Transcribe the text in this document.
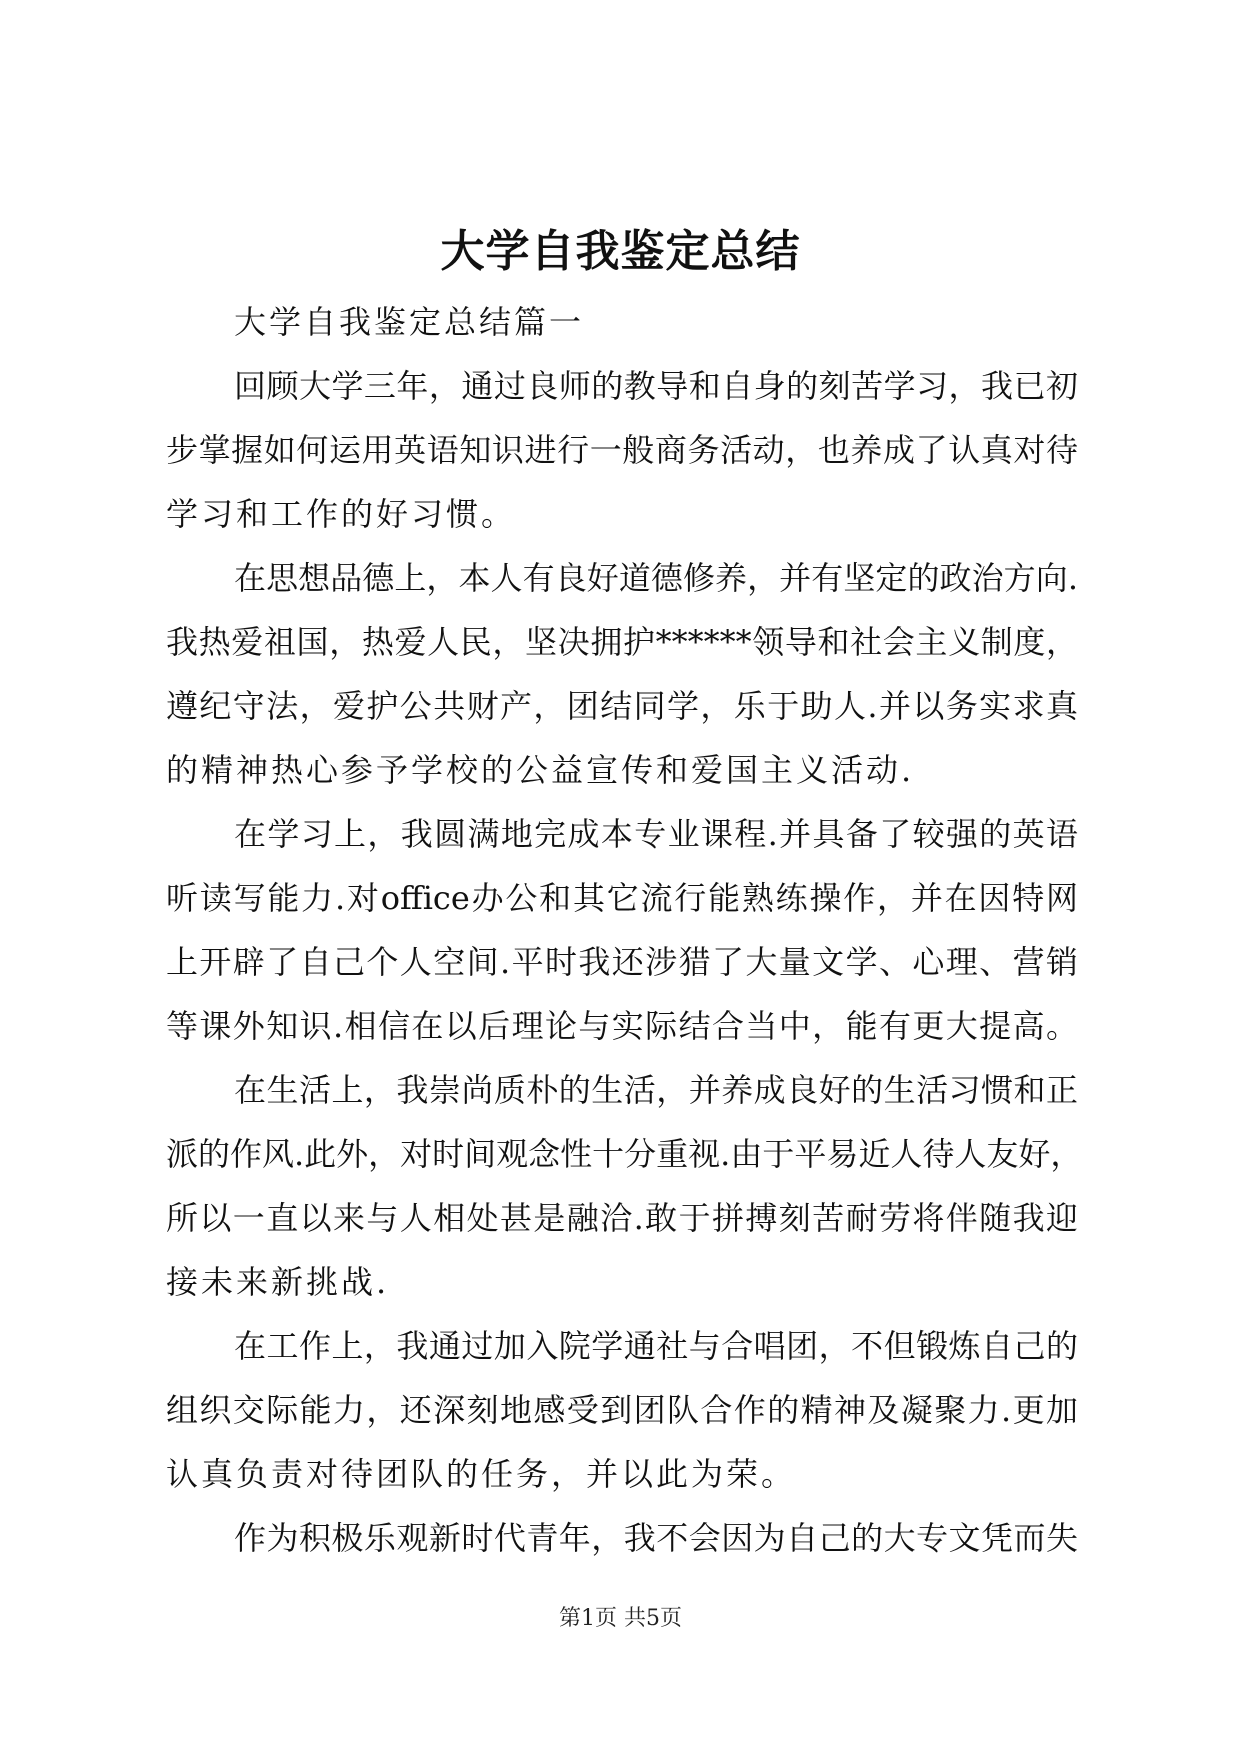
大学自我鉴定总结
大学自我鉴定总结篇一
回顾大学三年，通过良师的教导和自身的刻苦学习，我已初
步掌握如何运用英语知识进行一般商务活动，也养成了认真对待
学习和工作的好习惯。
在思想品德上，本人有良好道德修养，并有坚定的政治方向.
我热爱祖国，热爱人民，坚决拥护******领导和社会主义制度，
遵纪守法，爱护公共财产，团结同学，乐于助人.并以务实求真
的精神热心参予学校的公益宣传和爱国主义活动.
在学习上，我圆满地完成本专业课程.并具备了较强的英语
听读写能力.对office办公和其它流行能熟练操作，并在因特网
上开辟了自己个人空间.平时我还涉猎了大量文学、心理、营销
等课外知识.相信在以后理论与实际结合当中，能有更大提高。
在生活上，我崇尚质朴的生活，并养成良好的生活习惯和正
派的作风.此外，对时间观念性十分重视.由于平易近人待人友好，
所以一直以来与人相处甚是融洽.敢于拼搏刻苦耐劳将伴随我迎
接未来新挑战.
在工作上，我通过加入院学通社与合唱团，不但锻炼自己的
组织交际能力，还深刻地感受到团队合作的精神及凝聚力.更加
认真负责对待团队的任务，并以此为荣。
作为积极乐观新时代青年，我不会因为自己的大专文凭而失
第1页 共5页
